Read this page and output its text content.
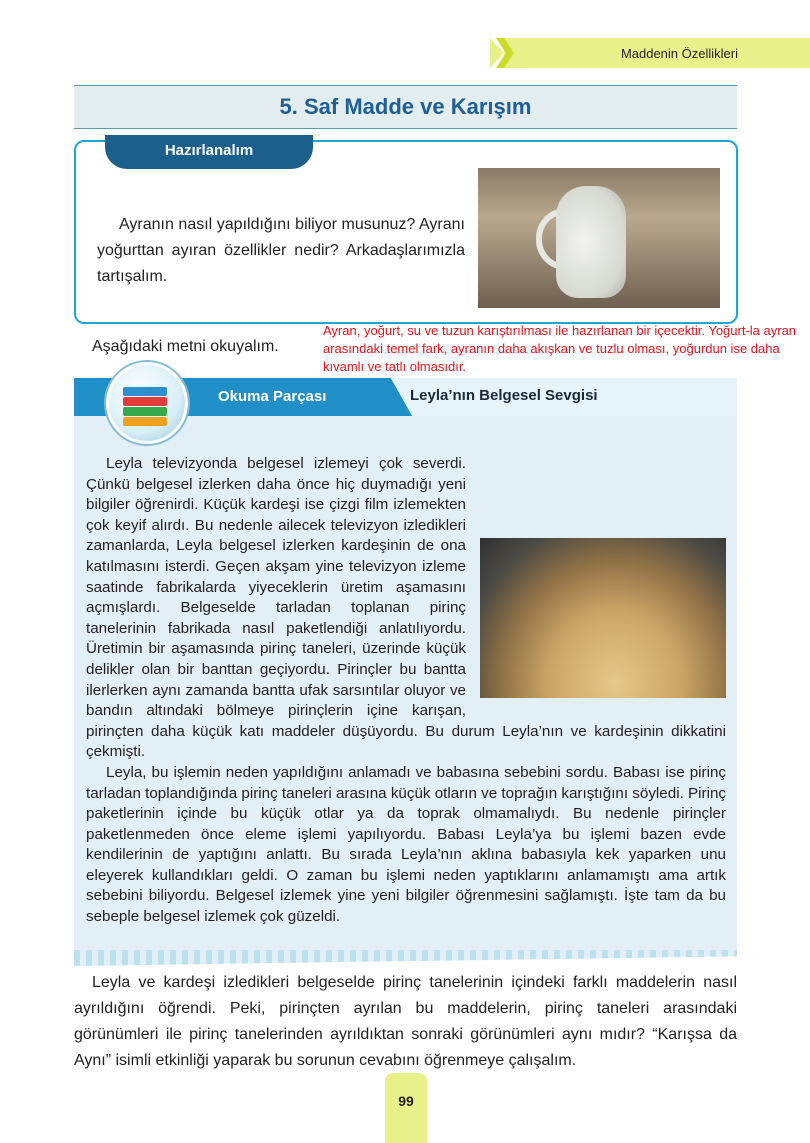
Maddenin Özellikleri
5. Saf Madde ve Karışım
Hazırlanalım
Ayranın nasıl yapıldığını biliyor musunuz? Ayranı yoğurttan ayıran özellikler nedir? Arkadaşlarımızla tartışalım.
Aşağıdaki metni okuyalım.
Ayran, yoğurt, su ve tuzun karıştırılması ile hazırlanan bir içecektir. Yoğurt-la ayran arasındaki temel fark, ayranın daha akışkan ve tuzlu olması, yoğurdun ise daha kıvamlı ve tatlı olmasıdır.
Okuma Parçası	Leyla’nın Belgesel Sevgisi

Leyla televizyonda belgesel izlemeyi çok severdi. Çünkü belgesel izlerken daha önce hiç duymadığı yeni bilgiler öğrenirdi. Küçük kardeşi ise çizgi film izlemekten çok keyif alırdı. Bu nedenle ailecek televizyon izledikleri zamanlarda, Leyla belgesel izlerken kardeşinin de ona katılmasını isterdi. Geçen akşam yine televizyon izleme saatinde fabrikalarda yiyeceklerin üretim aşamasını açmışlardı. Belgeselde tarladan toplanan pirinç tanelerinin fabrikada nasıl paketlendiği anlatılıyordu. Üretimin bir aşamasında pirinç taneleri, üzerinde küçük delikler olan bir banttan geçiyordu. Pirinçler bu bantta ilerlerken aynı zamanda bantta ufak sarsıntılar oluyor ve bandın altındaki bölmeye pirinçlerin içine karışan, pirinçten daha küçük katı maddeler düşüyordu. Bu durum Leyla’nın ve kardeşinin dikkatini çekmişti.

Leyla, bu işlemin neden yapıldığını anlamadı ve babasına sebebini sordu. Babası ise pirinç tarladan toplandığında pirinç taneleri arasına küçük otların ve toprağın karıştığını söyledi. Pirinç paketlerinin içinde bu küçük otlar ya da toprak olmamalıydı. Bu nedenle pirinçler paketlenmeden önce eleme işlemi yapılıyordu. Babası Leyla’ya bu işlemi bazen evde kendilerinin de yaptığını anlattı. Bu sırada Leyla’nın aklına babasıyla kek yaparken unu eleyerek kullandıkları geldi. O zaman bu işlemi neden yaptıklarını anlamamıştı ama artık sebebini biliyordu. Belgesel izlemek yine yeni bilgiler öğrenmesini sağlamıştı. İşte tam da bu sebeple belgesel izlemek çok güzeldi.

Leyla ve kardeşi izledikleri belgeselde pirinç tanelerinin içindeki farklı maddelerin nasıl ayrıldığını öğrendi. Peki, pirinçten ayrılan bu maddelerin, pirinç taneleri arasındaki görünümleri ile pirinç tanelerinden ayrıldıktan sonraki görünümleri aynı mıdır? “Karışsa da Aynı” isimli etkinliği yaparak bu sorunun cevabını öğrenmeye çalışalım.

99
